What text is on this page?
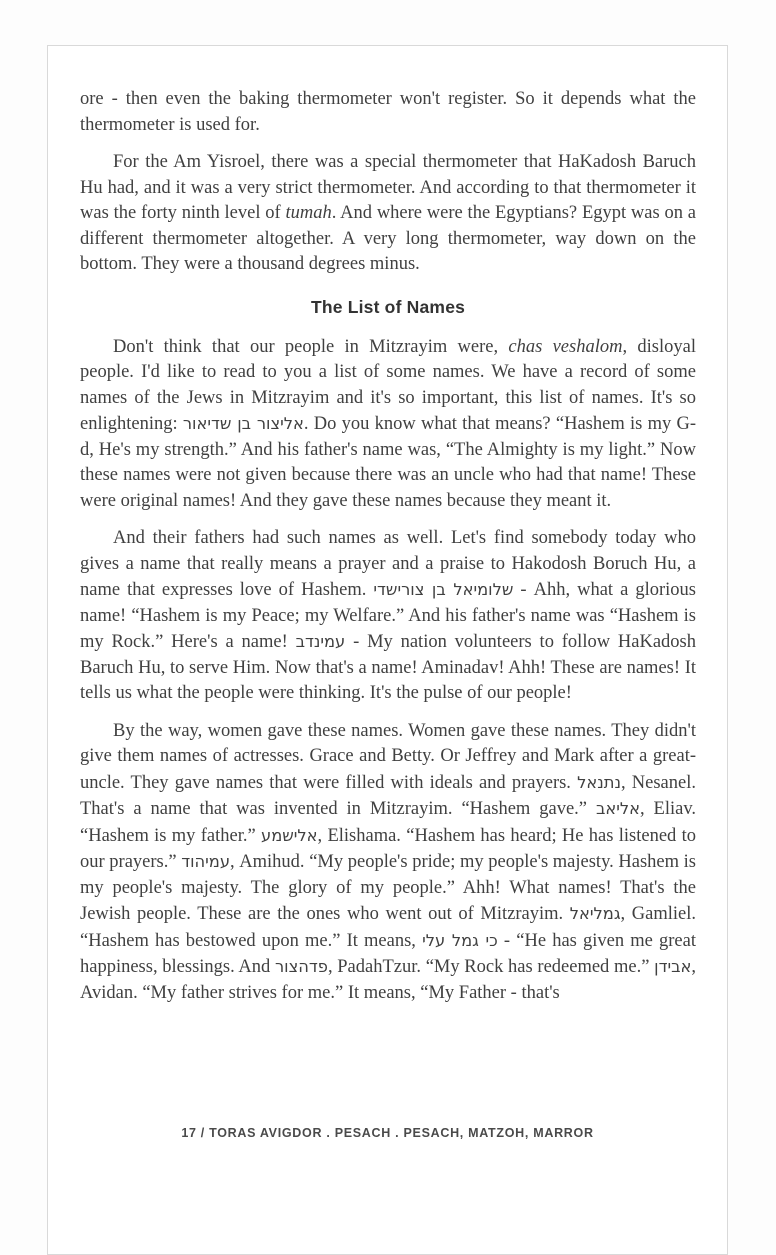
ore - then even the baking thermometer won't register. So it depends what the thermometer is used for.

For the Am Yisroel, there was a special thermometer that HaKadosh Baruch Hu had, and it was a very strict thermometer. And according to that thermometer it was the forty ninth level of tumah. And where were the Egyptians? Egypt was on a different thermometer altogether. A very long thermometer, way down on the bottom. They were a thousand degrees minus.

The List of Names

Don't think that our people in Mitzrayim were, chas veshalom, disloyal people. I'd like to read to you a list of some names. We have a record of some names of the Jews in Mitzrayim and it's so important, this list of names. It's so enlightening: אליצור בן שדיאור. Do you know what that means? “Hashem is my G-d, He's my strength.” And his father's name was, “The Almighty is my light.” Now these names were not given because there was an uncle who had that name! These were original names! And they gave these names because they meant it.

And their fathers had such names as well. Let's find somebody today who gives a name that really means a prayer and a praise to Hakodosh Boruch Hu, a name that expresses love of Hashem. שלומיאל בן צורישדי - Ahh, what a glorious name! “Hashem is my Peace; my Welfare.” And his father's name was “Hashem is my Rock.” Here's a name! עמינדב - My nation volunteers to follow HaKadosh Baruch Hu, to serve Him. Now that's a name! Aminadav! Ahh! These are names! It tells us what the people were thinking. It's the pulse of our people!

By the way, women gave these names. Women gave these names. They didn't give them names of actresses. Grace and Betty. Or Jeffrey and Mark after a great-uncle. They gave names that were filled with ideals and prayers. נתנאל, Nesanel. That's a name that was invented in Mitzrayim. “Hashem gave.” אליאב, Eliav. “Hashem is my father.” אלישמע, Elishama. “Hashem has heard; He has listened to our prayers.” עמיהוד, Amihud. “My people's pride; my people's majesty. Hashem is my people's majesty. The glory of my people.” Ahh! What names! That's the Jewish people. These are the ones who went out of Mitzrayim. גמליאל, Gamliel. “Hashem has bestowed upon me.” It means, כי גמל עלי - “He has given me great happiness, blessings. And פדהצור, PadahTzur. “My Rock has redeemed me.” אבידן, Avidan. “My father strives for me.” It means, “My Father - that's

17 / TORAS AVIGDOR . PESACH . PESACH, MATZOH, MARROR
